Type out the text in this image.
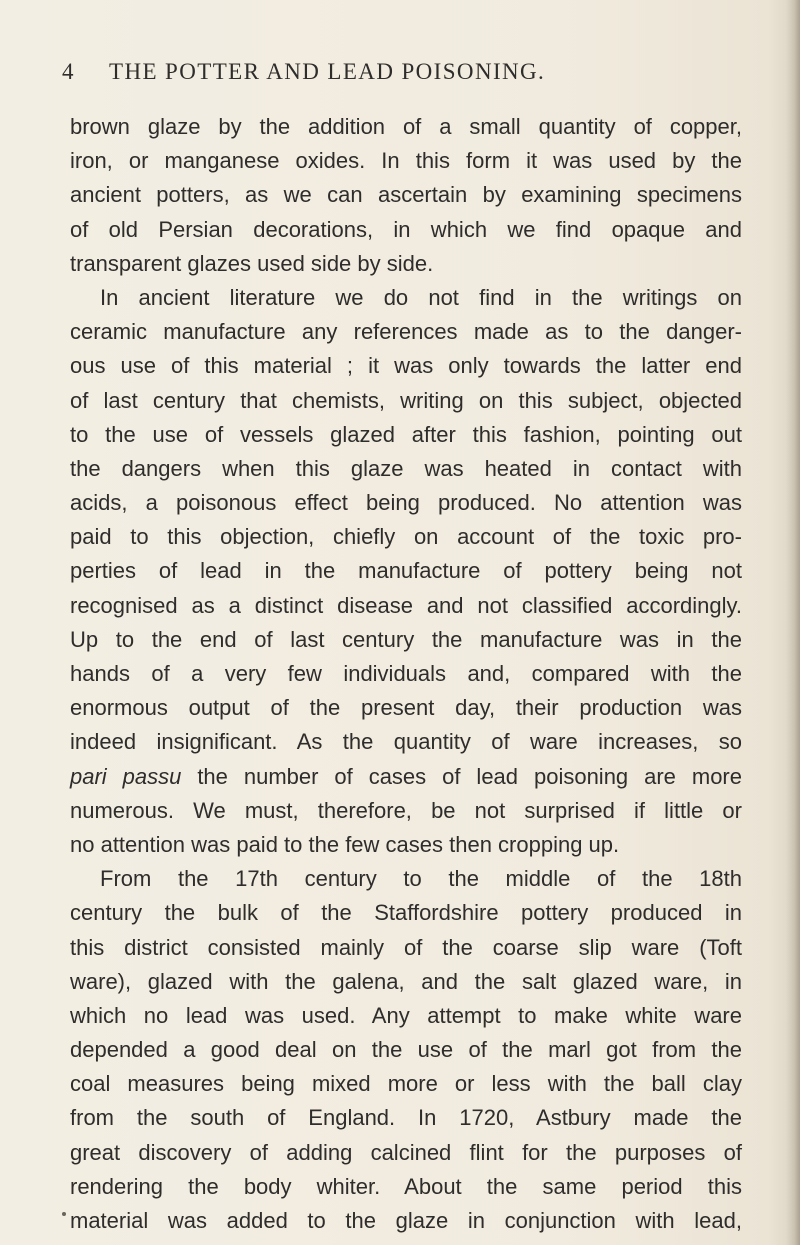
4 THE POTTER AND LEAD POISONING.
brown glaze by the addition of a small quantity of copper,
iron, or manganese oxides. In this form it was used by the
ancient potters, as we can ascertain by examining specimens
of old Persian decorations, in which we find opaque and
transparent glazes used side by side.
In ancient literature we do not find in the writings on
ceramic manufacture any references made as to the danger-
ous use of this material ; it was only towards the latter end
of last century that chemists, writing on this subject, objected
to the use of vessels glazed after this fashion, pointing out
the dangers when this glaze was heated in contact with
acids, a poisonous effect being produced. No attention was
paid to this objection, chiefly on account of the toxic pro-
perties of lead in the manufacture of pottery being not
recognised as a distinct disease and not classified accordingly.
Up to the end of last century the manufacture was in the
hands of a very few individuals and, compared with the
enormous output of the present day, their production was
indeed insignificant. As the quantity of ware increases, so
pari passu the number of cases of lead poisoning are more
numerous. We must, therefore, be not surprised if little or
no attention was paid to the few cases then cropping up.
From the 17th century to the middle of the 18th
century the bulk of the Staffordshire pottery produced in
this district consisted mainly of the coarse slip ware (Toft
ware), glazed with the galena, and the salt glazed ware, in
which no lead was used. Any attempt to make white ware
depended a good deal on the use of the marl got from the
coal measures being mixed more or less with the ball clay
from the south of England. In 1720, Astbury made the
great discovery of adding calcined flint for the purposes of
rendering the body whiter. About the same period this
material was added to the glaze in conjunction with lead,
